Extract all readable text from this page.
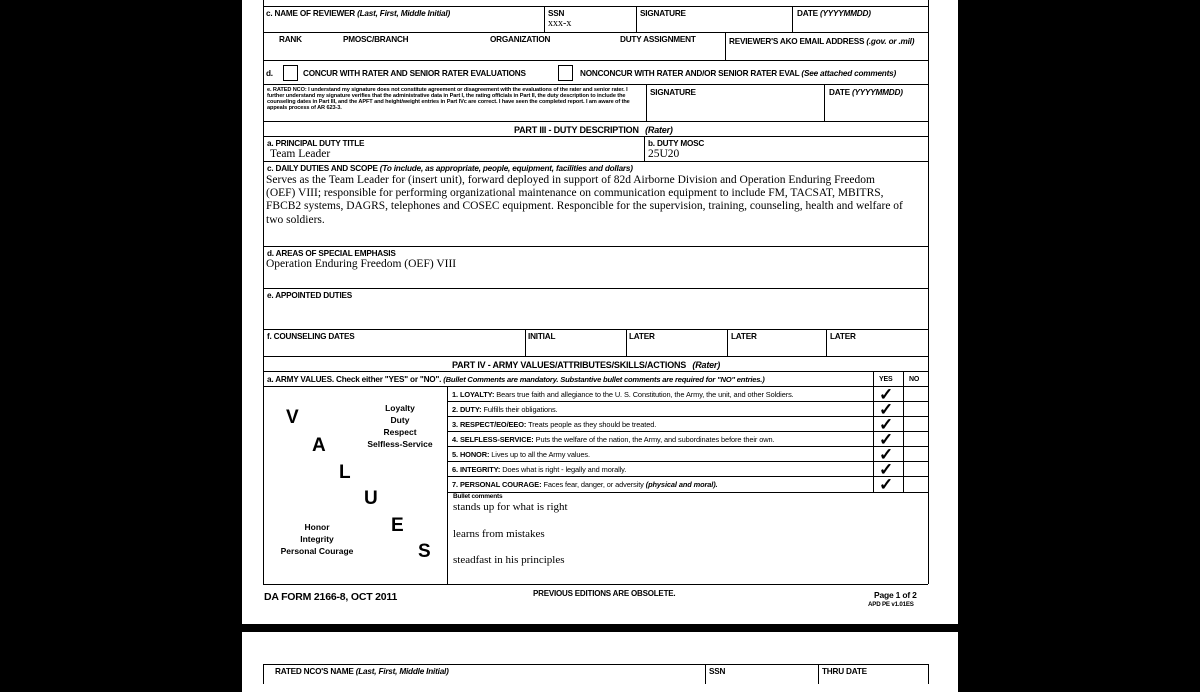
c. NAME OF REVIEWER (Last, First, Middle Initial)	SSN
xxx-x
SIGNATURE	DATE (YYYYMMDD)
RANK	PMOSC/BRANCH	ORGANIZATION	DUTY ASSIGNMENT	REVIEWER'S AKO EMAIL ADDRESS (.gov. or .mil)
d.	CONCUR WITH RATER AND SENIOR RATER EVALUATIONS	NONCONCUR WITH RATER AND/OR SENIOR RATER EVAL (See attached comments)
e. RATED NCO: I understand my signature does not constitute agreement or disagreement with the evaluations of the rater and senior rater. I further understand my signature verifies that the administrative data in Part I, the rating officials in Part II, the duty description to include the counseling dates in Part III, and the APFT and height/weight entries in Part IVc are correct. I have seen the completed report. I am aware of the appeals process of AR 623-3.
SIGNATURE	DATE (YYYYMMDD)
PART III - DUTY DESCRIPTION (Rater)
a. PRINCIPAL DUTY TITLE
Team Leader
b. DUTY MOSC
25U20
c. DAILY DUTIES AND SCOPE (To include, as appropriate, people, equipment, facilities and dollars)
Serves as the Team Leader for (insert unit), forward deployed in support of 82d Airborne Division and Operation Enduring Freedom
(OEF) VIII; responsible for performing organizational maintenance on communication equipment to include FM, TACSAT, MBITRS,
FBCB2 systems, DAGRS, telephones and COSEC equipment. Responcible for the supervision, training, counseling, health and welfare of
two soldiers.
d. AREAS OF SPECIAL EMPHASIS
Operation Enduring Freedom (OEF) VIII
e. APPOINTED DUTIES
f. COUNSELING DATES	INITIAL	LATER	LATER	LATER
PART IV - ARMY VALUES/ATTRIBUTES/SKILLS/ACTIONS (Rater)
a. ARMY VALUES. Check either "YES" or "NO". (Bullet Comments are mandatory. Substantive bullet comments are required for "NO" entries.)	YES NO
V
A
L
U
E
S
Loyalty
Duty
Respect
Selfless-Service
Honor
Integrity
Personal Courage
1. LOYALTY: Bears true faith and allegiance to the U. S. Constitution, the Army, the unit, and other Soldiers.	✓
2. DUTY: Fulfills their obligations.	✓
3. RESPECT/EO/EEO: Treats people as they should be treated.	✓
4. SELFLESS-SERVICE: Puts the welfare of the nation, the Army, and subordinates before their own.	✓
5. HONOR: Lives up to all the Army values.	✓
6. INTEGRITY: Does what is right - legally and morally.	✓
7. PERSONAL COURAGE: Faces fear, danger, or adversity (physical and moral).	✓
Bullet comments
stands up for what is right
learns from mistakes
steadfast in his principles
DA FORM 2166-8, OCT 2011	PREVIOUS EDITIONS ARE OBSOLETE.	Page 1 of 2
APD PE v1.01ES
RATED NCO'S NAME (Last, First, Middle Initial)	SSN	THRU DATE
